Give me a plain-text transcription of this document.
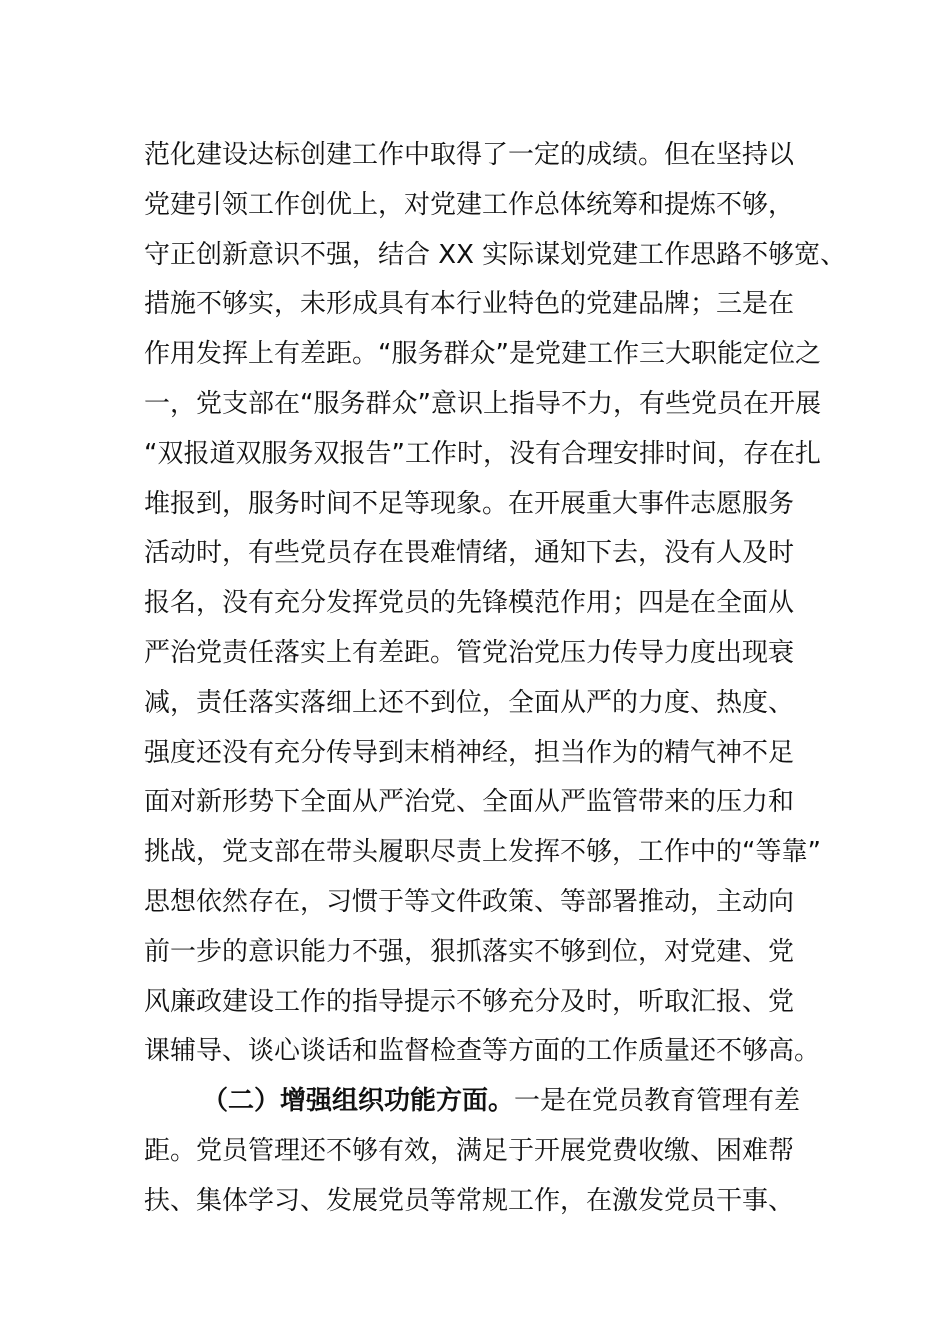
范化建设达标创建工作中取得了一定的成绩。但在坚持以
党建引领工作创优上，对党建工作总体统筹和提炼不够，
守正创新意识不强，结合 XX 实际谋划党建工作思路不够宽、
措施不够实，未形成具有本行业特色的党建品牌；三是在
作用发挥上有差距。“服务群众”是党建工作三大职能定位之
一，党支部在“服务群众”意识上指导不力，有些党员在开展
“双报道双服务双报告”工作时，没有合理安排时间，存在扎
堆报到，服务时间不足等现象。在开展重大事件志愿服务
活动时，有些党员存在畏难情绪，通知下去，没有人及时
报名，没有充分发挥党员的先锋模范作用；四是在全面从
严治党责任落实上有差距。管党治党压力传导力度出现衰
减，责任落实落细上还不到位，全面从严的力度、热度、
强度还没有充分传导到末梢神经，担当作为的精气神不足
面对新形势下全面从严治党、全面从严监管带来的压力和
挑战，党支部在带头履职尽责上发挥不够，工作中的“等靠”
思想依然存在，习惯于等文件政策、等部署推动，主动向
前一步的意识能力不强，狠抓落实不够到位，对党建、党
风廉政建设工作的指导提示不够充分及时，听取汇报、党
课辅导、谈心谈话和监督检查等方面的工作质量还不够高。
（二）增强组织功能方面。一是在党员教育管理有差
距。党员管理还不够有效，满足于开展党费收缴、困难帮
扶、集体学习、发展党员等常规工作，在激发党员干事、
